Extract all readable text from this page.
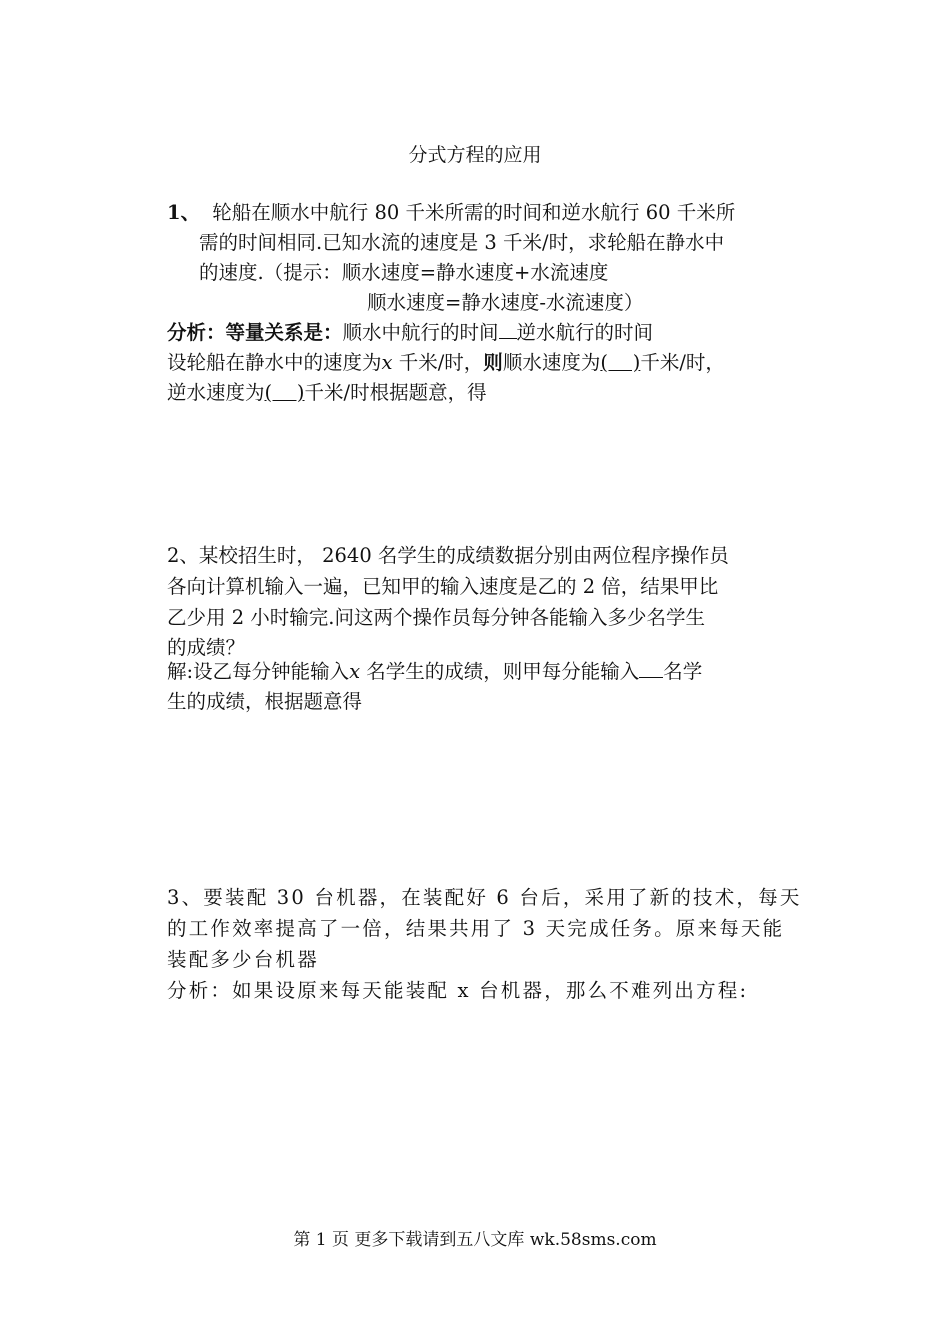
分式方程的应用
1、 轮船在顺水中航行 80 千米所需的时间和逆水航行 60 千米所
需的时间相同.已知水流的速度是 3 千米/时，求轮船在静水中
的速度.（提示：顺水速度=静水速度+水流速度
顺水速度=静水速度-水流速度）
分析：等量关系是：顺水中航行的时间 逆水航行的时间
设轮船在静水中的速度为x 千米/时，则顺水速度为(    )千米/时，
逆水速度为(    )千米/时根据题意，得
2、某校招生时， 2640 名学生的成绩数据分别由两位程序操作员
各向计算机输入一遍，已知甲的输入速度是乙的 2 倍，结果甲比
乙少用 2 小时输完.问这两个操作员每分钟各能输入多少名学生
的成绩？
解:设乙每分钟能输入x 名学生的成绩，则甲每分能输入 名学
生的成绩，根据题意得
3、要装配 30 台机器，在装配好 6 台后，采用了新的技术，每天
的工作效率提高了一倍，结果共用了 3 天完成任务。原来每天能
装配多少台机器
分析：如果设原来每天能装配 x 台机器，那么不难列出方程:
第 1 页 更多下载请到五八文库 wk.58sms.com
